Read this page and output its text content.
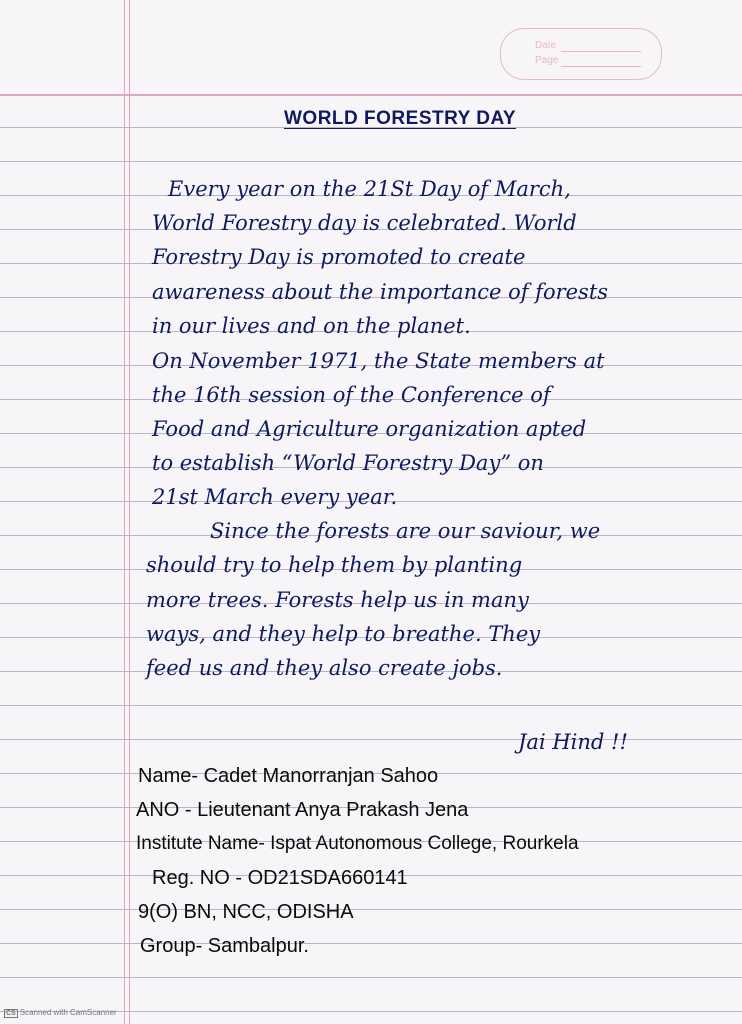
Date
Page
WORLD FORESTRY DAY

Every year on the 21St Day of March,

World Forestry day is celebrated. World

Forestry Day is promoted to create

awareness about the importance of forests

in our lives and on the planet.

On November 1971, the State members at

the 16th session of the Conference of

Food and Agriculture organization apted

to establish “World Forestry Day” on

21st March every year.

Since the forests are our saviour, we

should try to help them by planting

more trees. Forests help us in many

ways, and they help to breathe. They

feed us and they also create jobs.

Jai Hind !!

Name- Cadet Manorranjan Sahoo

ANO - Lieutenant Anya Prakash Jena

Institute Name- Ispat Autonomous College, Rourkela

Reg. NO - OD21SDA660141

9(O) BN, NCC, ODISHA

Group- Sambalpur.

CS Scanned with CamScanner
